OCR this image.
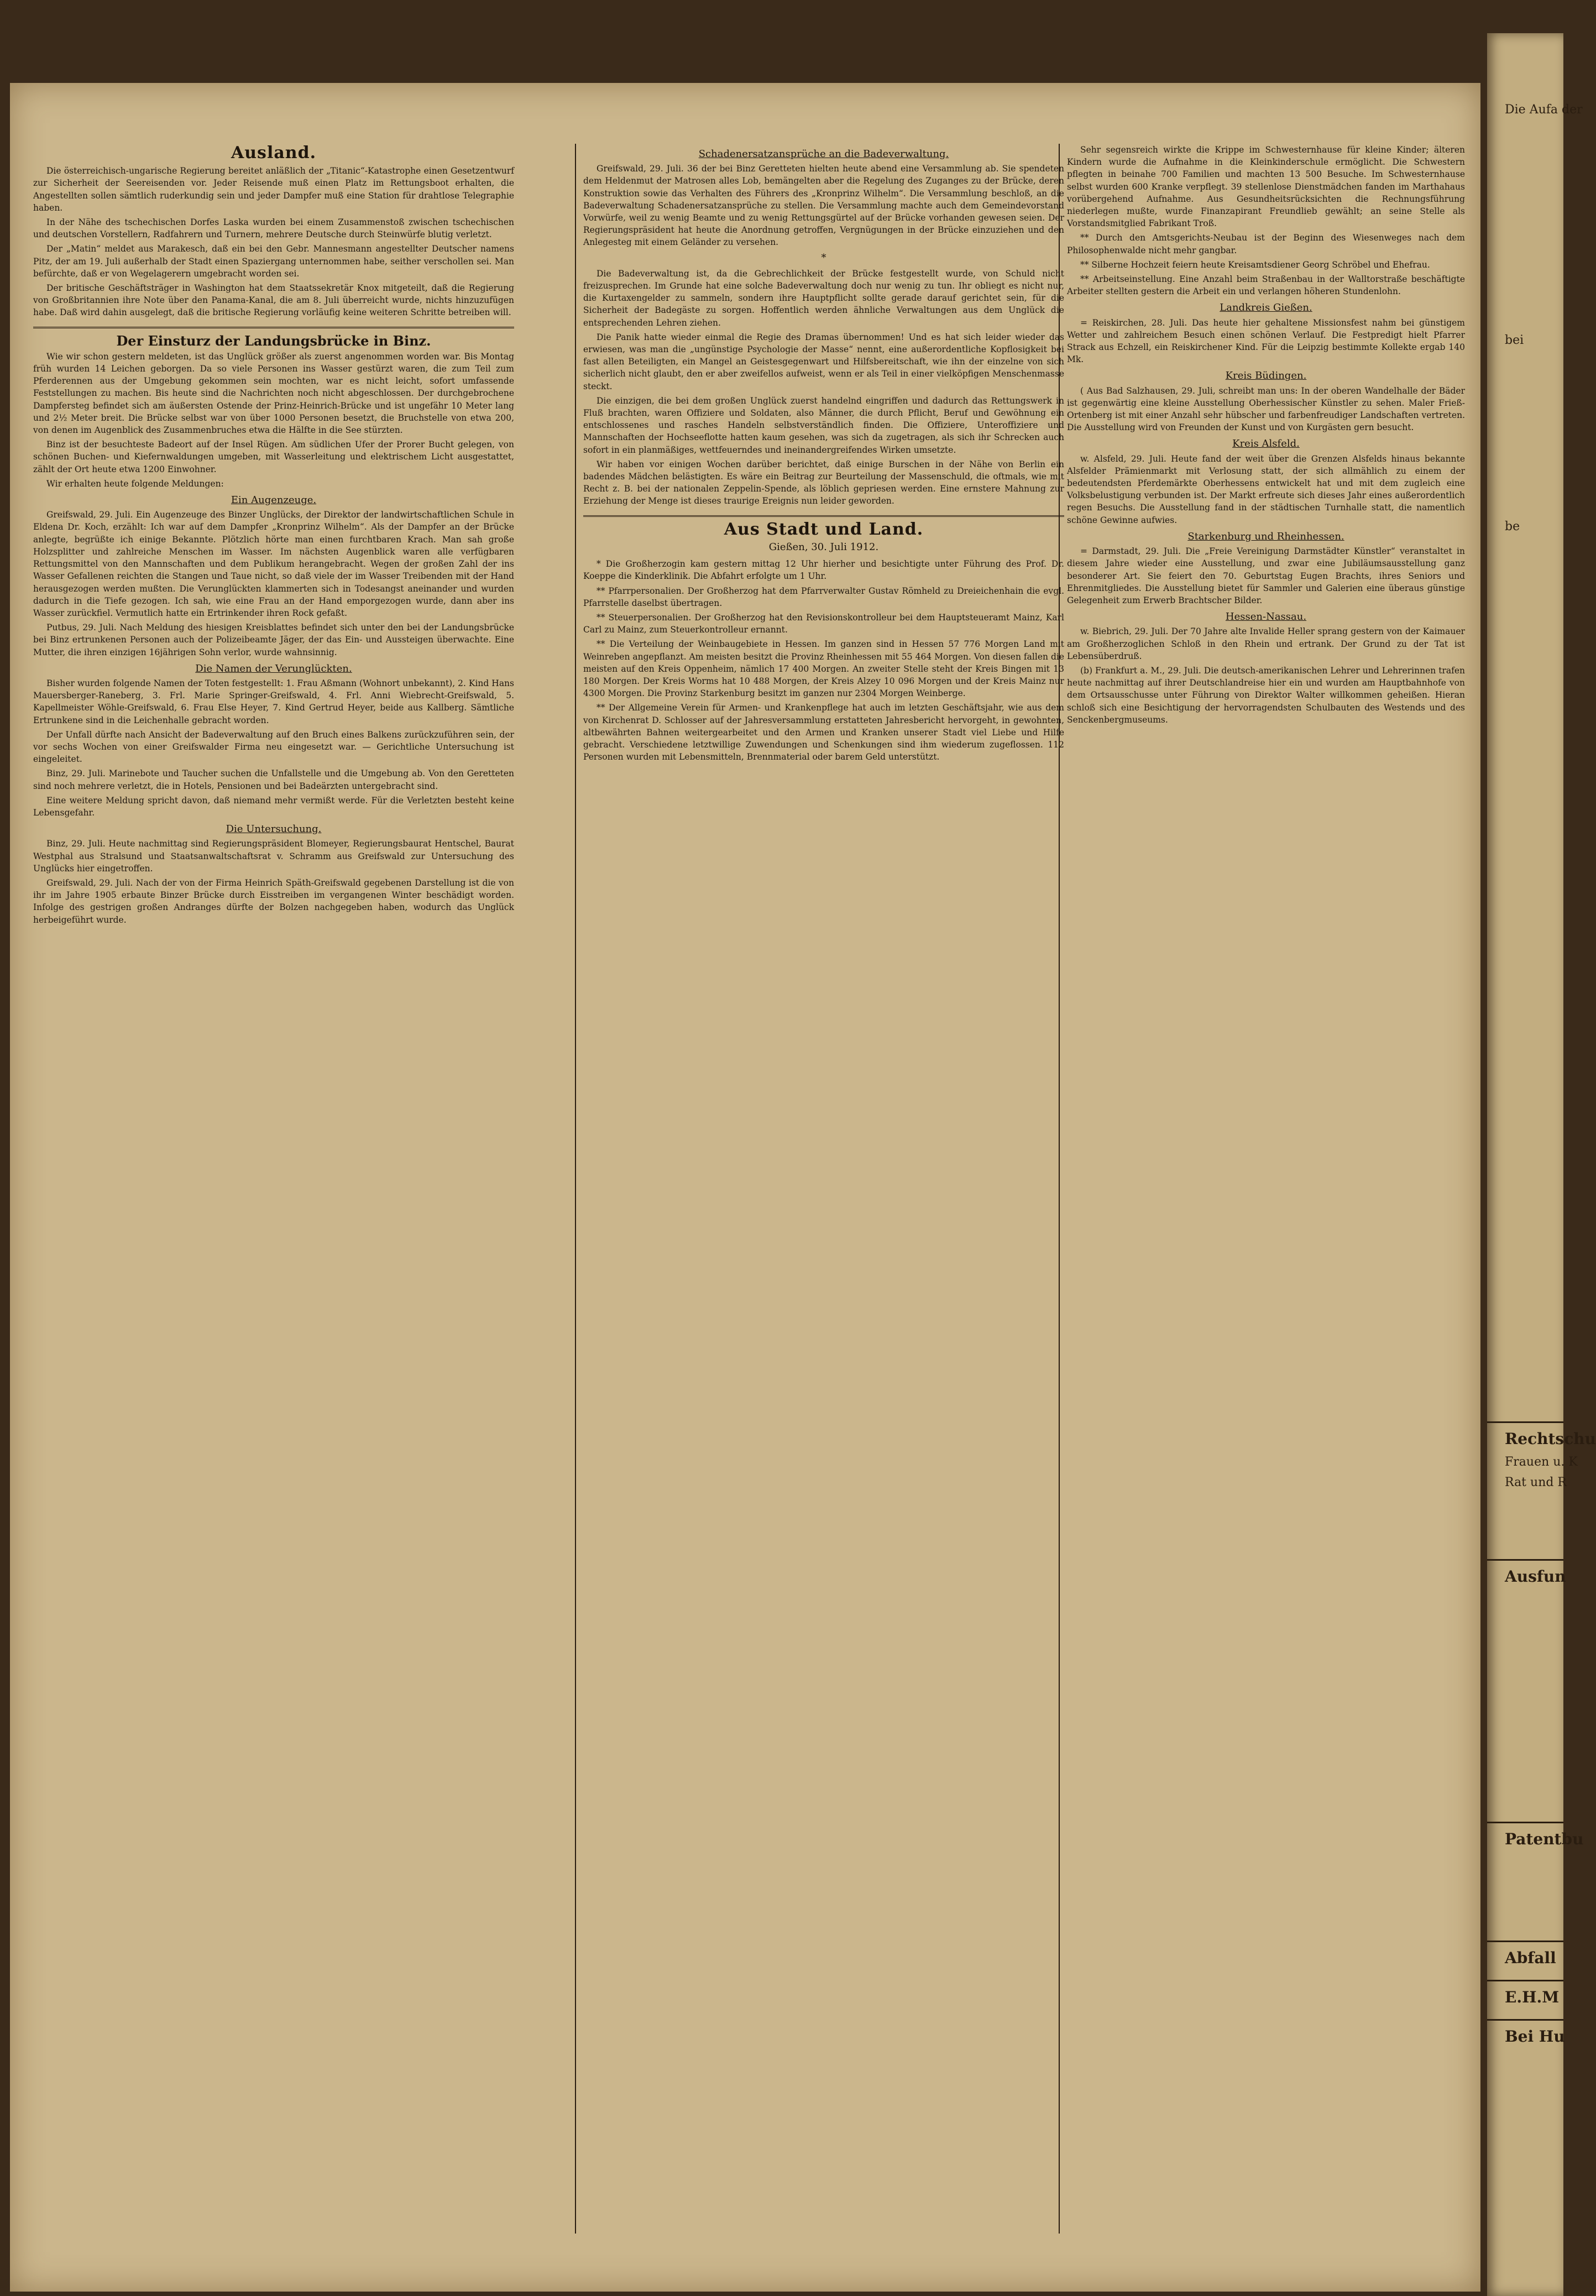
Ausland.

Die österreichisch-ungarische Regierung bereitet anläßlich der „Titanic“-Katastrophe einen Gesetzentwurf zur Sicherheit der Seereisenden vor. Jeder Reisende muß einen Platz im Rettungsboot erhalten, die Angestellten sollen sämtlich ruderkundig sein und jeder Dampfer muß eine Station für drahtlose Telegraphie haben.

In der Nähe des tschechischen Dorfes Laska wurden bei einem Zusammenstoß zwischen tschechischen und deutschen Vorstellern, Radfahrern und Turnern, mehrere Deutsche durch Steinwürfe blutig verletzt.

Der „Matin“ meldet aus Marakesch, daß ein bei den Gebr. Mannesmann angestellter Deutscher namens Pitz, der am 19. Juli außerhalb der Stadt einen Spaziergang unternommen habe, seither verschollen sei. Man befürchte, daß er von Wegelagerern umgebracht worden sei.

Der britische Geschäftsträger in Washington hat dem Staatssekretär Knox mitgeteilt, daß die Regierung von Großbritannien ihre Note über den Panama-Kanal, die am 8. Juli überreicht wurde, nichts hinzuzufügen habe. Daß wird dahin ausgelegt, daß die britische Regierung vorläufig keine weiteren Schritte betreiben will.

Der Einsturz der Landungsbrücke in Binz.

Wie wir schon gestern meldeten, ist das Unglück größer als zuerst angenommen worden war. Bis Montag früh wurden 14 Leichen geborgen. Da so viele Personen ins Wasser gestürzt waren, die zum Teil zum Pferderennen aus der Umgebung gekommen sein mochten, war es nicht leicht, sofort umfassende Feststellungen zu machen. Bis heute sind die Nachrichten noch nicht abgeschlossen. Der durchgebrochene Dampfersteg befindet sich am äußersten Ostende der Prinz-Heinrich-Brücke und ist ungefähr 10 Meter lang und 2½ Meter breit. Die Brücke selbst war von über 1000 Personen besetzt, die Bruchstelle von etwa 200, von denen im Augenblick des Zusammenbruches etwa die Hälfte in die See stürzten.

Binz ist der besuchteste Badeort auf der Insel Rügen. Am südlichen Ufer der Prorer Bucht gelegen, von schönen Buchen- und Kiefernwaldungen umgeben, mit Wasserleitung und elektrischem Licht ausgestattet, zählt der Ort heute etwa 1200 Einwohner.

Wir erhalten heute folgende Meldungen:

Ein Augenzeuge.

Greifswald, 29. Juli. Ein Augenzeuge des Binzer Unglücks, der Direktor der landwirtschaftlichen Schule in Eldena Dr. Koch, erzählt: Ich war auf dem Dampfer „Kronprinz Wilhelm“. Als der Dampfer an der Brücke anlegte, begrüßte ich einige Bekannte. Plötzlich hörte man einen furchtbaren Krach. Man sah große Holzsplitter und zahlreiche Menschen im Wasser. Im nächsten Augenblick waren alle verfügbaren Rettungsmittel von den Mannschaften und dem Publikum herangebracht. Wegen der großen Zahl der ins Wasser Gefallenen reichten die Stangen und Taue nicht, so daß viele der im Wasser Treibenden mit der Hand herausgezogen werden mußten. Die Verunglückten klammerten sich in Todesangst aneinander und wurden dadurch in die Tiefe gezogen. Ich sah, wie eine Frau an der Hand emporgezogen wurde, dann aber ins Wasser zurückfiel. Vermutlich hatte ein Ertrinkender ihren Rock gefaßt.

Putbus, 29. Juli. Nach Meldung des hiesigen Kreisblattes befindet sich unter den bei der Landungsbrücke bei Binz ertrunkenen Personen auch der Polizeibeamte Jäger, der das Ein- und Aussteigen überwachte. Eine Mutter, die ihren einzigen 16jährigen Sohn verlor, wurde wahnsinnig.

Die Namen der Verunglückten.

Bisher wurden folgende Namen der Toten festgestellt: 1. Frau Aßmann (Wohnort unbekannt), 2. Kind Hans Mauersberger-Raneberg, 3. Frl. Marie Springer-Greifswald, 4. Frl. Anni Wiebrecht-Greifswald, 5. Kapellmeister Wöhle-Greifswald, 6. Frau Else Heyer, 7. Kind Gertrud Heyer, beide aus Kallberg. Sämtliche Ertrunkene sind in die Leichenhalle gebracht worden.

Der Unfall dürfte nach Ansicht der Badeverwaltung auf den Bruch eines Balkens zurückzuführen sein, der vor sechs Wochen von einer Greifswalder Firma neu eingesetzt war. — Gerichtliche Untersuchung ist eingeleitet.

Binz, 29. Juli. Marinebote und Taucher suchen die Unfallstelle und die Umgebung ab. Von den Geretteten sind noch mehrere verletzt, die in Hotels, Pensionen und bei Badeärzten untergebracht sind.

Eine weitere Meldung spricht davon, daß niemand mehr vermißt werde. Für die Verletzten besteht keine Lebensgefahr.

Die Untersuchung.

Binz, 29. Juli. Heute nachmittag sind Regierungspräsident Blomeyer, Regierungsbaurat Hentschel, Baurat Westphal aus Stralsund und Staatsanwaltschaftsrat v. Schramm aus Greifswald zur Untersuchung des Unglücks hier eingetroffen.

Greifswald, 29. Juli. Nach der von der Firma Heinrich Späth-Greifswald gegebenen Darstellung ist die von ihr im Jahre 1905 erbaute Binzer Brücke durch Eisstreiben im vergangenen Winter beschädigt worden. Infolge des gestrigen großen Andranges dürfte der Bolzen nachgegeben haben, wodurch das Unglück herbeigeführt wurde.

Schadenersatzansprüche an die Badeverwaltung.

Greifswald, 29. Juli. 36 der bei Binz Geretteten hielten heute abend eine Versammlung ab. Sie spendeten dem Heldenmut der Matrosen alles Lob, bemängelten aber die Regelung des Zuganges zu der Brücke, deren Konstruktion sowie das Verhalten des Führers des „Kronprinz Wilhelm“. Die Versammlung beschloß, an die Badeverwaltung Schadenersatzansprüche zu stellen. Die Versammlung machte auch dem Gemeindevorstand Vorwürfe, weil zu wenig Beamte und zu wenig Rettungsgürtel auf der Brücke vorhanden gewesen seien. Der Regierungspräsident hat heute die Anordnung getroffen, Vergnügungen in der Brücke einzuziehen und den Anlegesteg mit einem Geländer zu versehen.

*

Die Badeverwaltung ist, da die Gebrechlichkeit der Brücke festgestellt wurde, von Schuld nicht freizusprechen. Im Grunde hat eine solche Badeverwaltung doch nur wenig zu tun. Ihr obliegt es nicht nur, die Kurtaxengelder zu sammeln, sondern ihre Hauptpflicht sollte gerade darauf gerichtet sein, für die Sicherheit der Badegäste zu sorgen. Hoffentlich werden ähnliche Verwaltungen aus dem Unglück die entsprechenden Lehren ziehen.

Die Panik hatte wieder einmal die Regie des Dramas übernommen! Und es hat sich leider wieder das erwiesen, was man die „ungünstige Psychologie der Masse“ nennt, eine außerordentliche Kopflosigkeit bei fast allen Beteiligten, ein Mangel an Geistesgegenwart und Hilfsbereitschaft, wie ihn der einzelne von sich sicherlich nicht glaubt, den er aber zweifellos aufweist, wenn er als Teil in einer vielköpfigen Menschenmasse steckt.

Die einzigen, die bei dem großen Unglück zuerst handelnd eingriffen und dadurch das Rettungswerk in Fluß brachten, waren Offiziere und Soldaten, also Männer, die durch Pflicht, Beruf und Gewöhnung ein entschlossenes und rasches Handeln selbstverständlich finden. Die Offiziere, Unteroffiziere und Mannschaften der Hochseeflotte hatten kaum gesehen, was sich da zugetragen, als sich ihr Schrecken auch sofort in ein planmäßiges, wettfeuerndes und ineinandergreifendes Wirken umsetzte.

Wir haben vor einigen Wochen darüber berichtet, daß einige Burschen in der Nähe von Berlin ein badendes Mädchen belästigten. Es wäre ein Beitrag zur Beurteilung der Massenschuld, die oftmals, wie mit Recht z. B. bei der nationalen Zeppelin-Spende, als löblich gepriesen werden. Eine ernstere Mahnung zur Erziehung der Menge ist dieses traurige Ereignis nun leider geworden.

Aus Stadt und Land.
Gießen, 30. Juli 1912.

* Die Großherzogin kam gestern mittag 12 Uhr hierher und besichtigte unter Führung des Prof. Dr. Koeppe die Kinderklinik. Die Abfahrt erfolgte um 1 Uhr.

** Pfarrpersonalien. Der Großherzog hat dem Pfarrverwalter Gustav Römheld zu Dreieichenhain die evgl. Pfarrstelle daselbst übertragen.

** Steuerpersonalien. Der Großherzog hat den Revisionskontrolleur bei dem Hauptsteueramt Mainz, Karl Carl zu Mainz, zum Steuerkontrolleur ernannt.

** Die Verteilung der Weinbaugebiete in Hessen. Im ganzen sind in Hessen 57 776 Morgen Land mit Weinreben angepflanzt. Am meisten besitzt die Provinz Rheinhessen mit 55 464 Morgen. Von diesen fallen die meisten auf den Kreis Oppenheim, nämlich 17 400 Morgen. An zweiter Stelle steht der Kreis Bingen mit 13 180 Morgen. Der Kreis Worms hat 10 488 Morgen, der Kreis Alzey 10 096 Morgen und der Kreis Mainz nur 4300 Morgen. Die Provinz Starkenburg besitzt im ganzen nur 2304 Morgen Weinberge.

** Der Allgemeine Verein für Armen- und Krankenpflege hat auch im letzten Geschäftsjahr, wie aus dem von Kirchenrat D. Schlosser auf der Jahresversammlung erstatteten Jahresbericht hervorgeht, in gewohnten, altbewährten Bahnen weitergearbeitet und den Armen und Kranken unserer Stadt viel Liebe und Hilfe gebracht. Verschiedene letztwillige Zuwendungen und Schenkungen sind ihm wiederum zugeflossen. 112 Personen wurden mit Lebensmitteln, Brennmaterial oder barem Geld unterstützt.

Sehr segensreich wirkte die Krippe im Schwesternhause für kleine Kinder; älteren Kindern wurde die Aufnahme in die Kleinkinderschule ermöglicht. Die Schwestern pflegten in beinahe 700 Familien und machten 13 500 Besuche. Im Schwesternhause selbst wurden 600 Kranke verpflegt. 39 stellenlose Dienstmädchen fanden im Marthahaus vorübergehend Aufnahme. Aus Gesundheitsrücksichten die Rechnungsführung niederlegen mußte, wurde Finanzapirant Freundlieb gewählt; an seine Stelle als Vorstandsmitglied Fabrikant Troß.

** Durch den Amtsgerichts-Neubau ist der Beginn des Wiesenweges nach dem Philosophenwalde nicht mehr gangbar.

** Silberne Hochzeit feiern heute Kreisamtsdiener Georg Schröbel und Ehefrau.

** Arbeitseinstellung. Eine Anzahl beim Straßenbau in der Walltorstraße beschäftigte Arbeiter stellten gestern die Arbeit ein und verlangen höheren Stundenlohn.

Landkreis Gießen.

= Reiskirchen, 28. Juli. Das heute hier gehaltene Missionsfest nahm bei günstigem Wetter und zahlreichem Besuch einen schönen Verlauf. Die Festpredigt hielt Pfarrer Strack aus Echzell, ein Reiskirchener Kind. Für die Leipzig bestimmte Kollekte ergab 140 Mk.

Kreis Büdingen.

( Aus Bad Salzhausen, 29. Juli, schreibt man uns: In der oberen Wandelhalle der Bäder ist gegenwärtig eine kleine Ausstellung Oberhessischer Künstler zu sehen. Maler Frieß-Ortenberg ist mit einer Anzahl sehr hübscher und farbenfreudiger Landschaften vertreten. Die Ausstellung wird von Freunden der Kunst und von Kurgästen gern besucht.

Kreis Alsfeld.

w. Alsfeld, 29. Juli. Heute fand der weit über die Grenzen Alsfelds hinaus bekannte Alsfelder Prämienmarkt mit Verlosung statt, der sich allmählich zu einem der bedeutendsten Pferdemärkte Oberhessens entwickelt hat und mit dem zugleich eine Volksbelustigung verbunden ist. Der Markt erfreute sich dieses Jahr eines außerordentlich regen Besuchs. Die Ausstellung fand in der städtischen Turnhalle statt, die namentlich schöne Gewinne aufwies.

Starkenburg und Rheinhessen.

= Darmstadt, 29. Juli. Die „Freie Vereinigung Darmstädter Künstler“ veranstaltet in diesem Jahre wieder eine Ausstellung, und zwar eine Jubiläumsausstellung ganz besonderer Art. Sie feiert den 70. Geburtstag Eugen Brachts, ihres Seniors und Ehrenmitgliedes. Die Ausstellung bietet für Sammler und Galerien eine überaus günstige Gelegenheit zum Erwerb Brachtscher Bilder.

Hessen-Nassau.

w. Biebrich, 29. Juli. Der 70 Jahre alte Invalide Heller sprang gestern von der Kaimauer am Großherzoglichen Schloß in den Rhein und ertrank. Der Grund zu der Tat ist Lebensüberdruß.

(b) Frankfurt a. M., 29. Juli. Die deutsch-amerikanischen Lehrer und Lehrerinnen trafen heute nachmittag auf ihrer Deutschlandreise hier ein und wurden am Hauptbahnhofe von dem Ortsausschusse unter Führung von Direktor Walter willkommen geheißen. Hieran schloß sich eine Besichtigung der hervorragendsten Schulbauten des Westends und des Senckenbergmuseums.

Die Aufa der

bei

be

Rechtschu

Frauen u. K

Rat und R

Ausfun

Patentbu

Abfall

E.H.M

Bei Hu
